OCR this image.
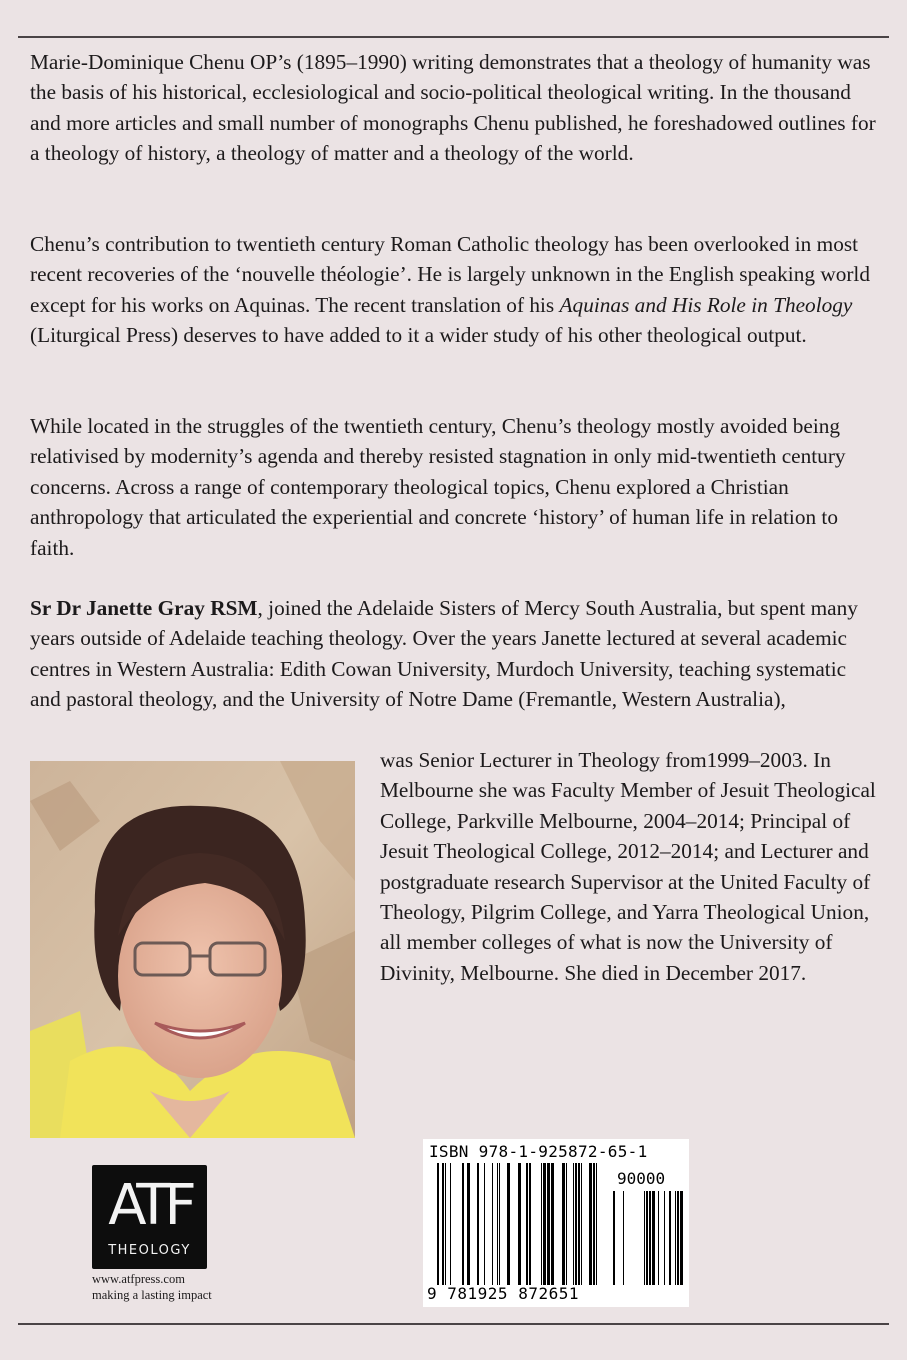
Marie-Dominique Chenu OP’s (1895–1990) writing demonstrates that a theology of humanity was the basis of his historical, ecclesiological and socio-political theological writing. In the thousand and more articles and small number of monographs Chenu published, he foreshadowed outlines for a theology of history, a theology of matter and a theology of the world.

Chenu’s contribution to twentieth century Roman Catholic theology has been overlooked in most recent recoveries of the ‘nouvelle théologie’. He is largely unknown in the English speaking world except for his works on Aquinas. The recent translation of his Aquinas and His Role in Theology (Liturgical Press) deserves to have added to it a wider study of his other theological output.

While located in the struggles of the twentieth century, Chenu’s theology mostly avoided being relativised by modernity’s agenda and thereby resisted stagnation in only mid-twentieth century concerns. Across a range of contemporary theological topics, Chenu explored a Christian anthropology that articulated the experiential and concrete ‘history’ of human life in relation to faith.

Sr Dr Janette Gray RSM, joined the Adelaide Sisters of Mercy South Australia, but spent many years outside of Adelaide teaching theology. Over the years Janette lectured at several academic centres in Western Australia: Edith Cowan University, Murdoch University, teaching systematic and pastoral theology, and the University of Notre Dame (Fremantle, Western Australia),

was Senior Lecturer in Theology from1999–2003. In Melbourne she was Faculty Member of Jesuit Theological College, Parkville Melbourne, 2004–2014; Principal of Jesuit Theological College, 2012–2014; and Lecturer and postgraduate research Supervisor at the United Faculty of Theology, Pilgrim College, and Yarra Theological Union, all member colleges of what is now the University of Divinity, Melbourne. She died in December 2017.

ATF
THEOLOGY
www.atfpress.com
making a lasting impact
ISBN 978-1-925872-65-1
90000
9 781925 872651
